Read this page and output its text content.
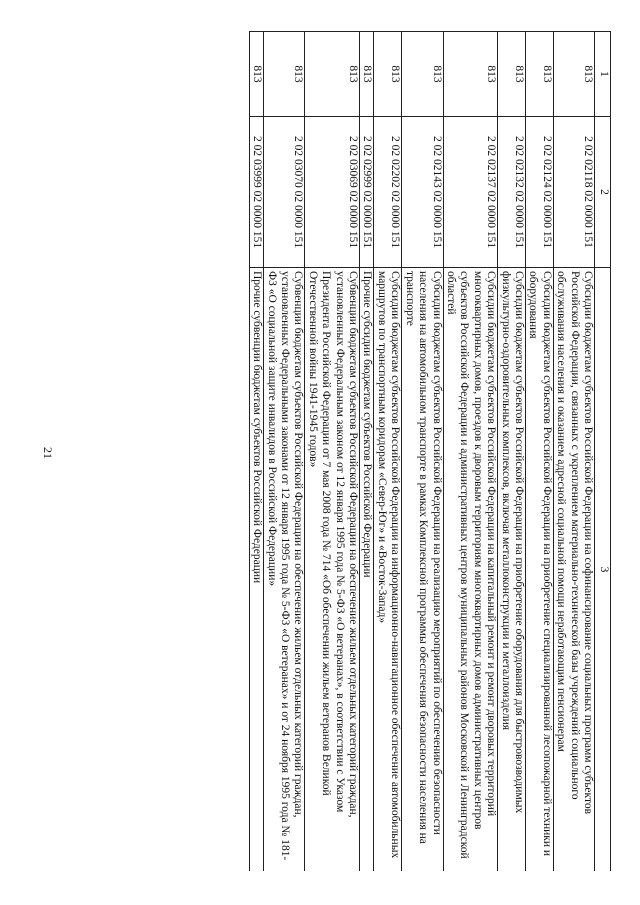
21
1	2	3
813	2 02 02118 02 0000 151	Субсидии бюджетам субъектов Российской Федерации на софинансирование социальных программ субъектов Российской Федерации, связанных с укреплением материально-технической базы учреждений социального обслуживания населения и оказанием адресной социальной помощи неработающим пенсионерам
813	2 02 02124 02 0000 151	Субсидии бюджетам субъектов Российской Федерации на приобретение специализированной лесопожарной техники и оборудования
813	2 02 02132 02 0000 151	Субсидии бюджетам субъектов Российской Федерации на приобретение оборудования для быстровозводимых физкультурно-оздоровительных комплексов, включая металлоконструкции и металлоизделия
813	2 02 02137 02 0000 151	Субсидии бюджетам субъектов Российской Федерации на капитальный ремонт и ремонт дворовых территорий многоквартирных домов, проездов к дворовым территориям многоквартирных домов административных центров субъектов Российской Федерации и административных центров муниципальных районов Московской и Ленинградской областей
813	2 02 02143 02 0000 151	Субсидии бюджетам субъектов Российской Федерации на реализацию мероприятий по обеспечению безопасности населения на автомобильном транспорте в рамках Комплексной программы обеспечения безопасности населения на транспорте
813	2 02 02202 02 0000 151	Субсидии бюджетам субъектов Российской Федерации на информационно-навигационное обеспечение автомобильных маршрутов по транспортным коридорам «Север-Юг» и «Восток-Запад»
813	2 02 02999 02 0000 151	Прочие субсидии бюджетам субъектов Российской Федерации
813	2 02 03069 02 0000 151	Субвенции бюджетам субъектов Российской Федерации на обеспечение жильем отдельных категорий граждан, установленных Федеральным законом от 12 января 1995 года № 5-ФЗ «О ветеранах», в соответствии с Указом Президента Российской Федерации от 7 мая 2008 года № 714 «Об обеспечении жильем ветеранов Великой Отечественной войны 1941-1945 годов»
813	2 02 03070 02 0000 151	Субвенции бюджетам субъектов Российской Федерации на обеспечение жильем отдельных категорий граждан, установленных Федеральными законами от 12 января 1995 года № 5-ФЗ «О ветеранах» и от 24 ноября 1995 года № 181-ФЗ «О социальной защите инвалидов в Российской Федерации»
813	2 02 03999 02 0000 151	Прочие субвенции бюджетам субъектов Российской Федерации
